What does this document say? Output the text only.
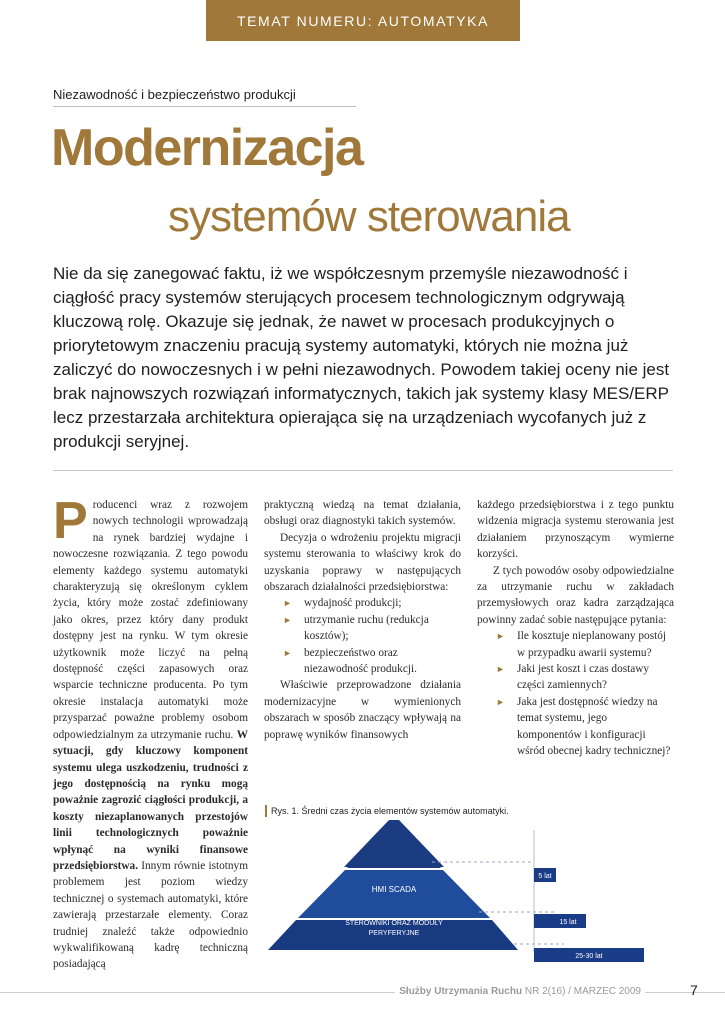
TEMAT NUMERU: AUTOMATYKA
Niezawodność i bezpieczeństwo produkcji
Modernizacja
systemów sterowania
Nie da się zanegować faktu, iż we współczesnym przemyśle niezawodność i ciągłość pracy systemów sterujących procesem technologicznym odgrywają kluczową rolę. Okazuje się jednak, że nawet w procesach produkcyjnych o priorytetowym znaczeniu pracują systemy automatyki, których nie można już zaliczyć do nowoczesnych i w pełni niezawodnych. Powodem takiej oceny nie jest brak najnowszych rozwiązań informatycznych, takich jak systemy klasy MES/ERP lecz przestarzała architektura opierająca się na urządzeniach wycofanych już z produkcji seryjnej.

Producenci wraz z rozwojem nowych technologii wprowadzają na rynek bardziej wydajne i nowoczesne rozwiązania. Z tego powodu elementy każdego systemu automatyki charakteryzują się określonym cyklem życia, który może zostać zdefiniowany jako okres, przez który dany produkt dostępny jest na rynku. W tym okresie użytkownik może liczyć na pełną dostępność części zapasowych oraz wsparcie techniczne producenta. Po tym okresie instalacja automatyki może przysparzać poważne problemy osobom odpowiedzialnym za utrzymanie ruchu. W sytuacji, gdy kluczowy komponent systemu ulega uszkodzeniu, trudności z jego dostępnością na rynku mogą poważnie zagrozić ciągłości produkcji, a koszty niezaplanowanych przestojów linii technologicznych poważnie wpłynąć na wyniki finansowe przedsiębiorstwa. Innym równie istotnym problemem jest poziom wiedzy technicznej o systemach automatyki, które zawierają przestarzałe elementy. Coraz trudniej znaleźć także odpowiednio wykwalifikowaną kadrę techniczną posiadającą

praktyczną wiedzą na temat działania, obsługi oraz diagnostyki takich systemów.

Decyzja o wdrożeniu projektu migracji systemu sterowania to właściwy krok do uzyskania poprawy w następujących obszarach działalności przedsiębiorstwa:

► wydajność produkcji;
► utrzymanie ruchu (redukcja kosztów);
► bezpieczeństwo oraz niezawodność produkcji.

Właściwie przeprowadzone działania modernizacyjne w wymienionych obszarach w sposób znaczący wpływają na poprawę wyników finansowych

każdego przedsiębiorstwa i z tego punktu widzenia migracja systemu sterowania jest działaniem przynoszącym wymierne korzyści.

Z tych powodów osoby odpowiedzialne za utrzymanie ruchu w zakładach przemysłowych oraz kadra zarządzająca powinny zadać sobie następujące pytania:

► Ile kosztuje nieplanowany postój w przypadku awarii systemu?
► Jaki jest koszt i czas dostawy części zamiennych?
► Jaka jest dostępność wiedzy na temat systemu, jego komponentów i konfiguracji wśród obecnej kadry technicznej?
Rys. 1. Średni czas życia elementów systemów automatyki.
HMI SCADA
STEROWNIKI ORAZ MODUŁY
PERYFERYJNE
OKABLOWANIE
5 lat
15 lat
25-30 lat
Służby Utrzymania Ruchu NR 2(16) / MARZEC 2009	7
